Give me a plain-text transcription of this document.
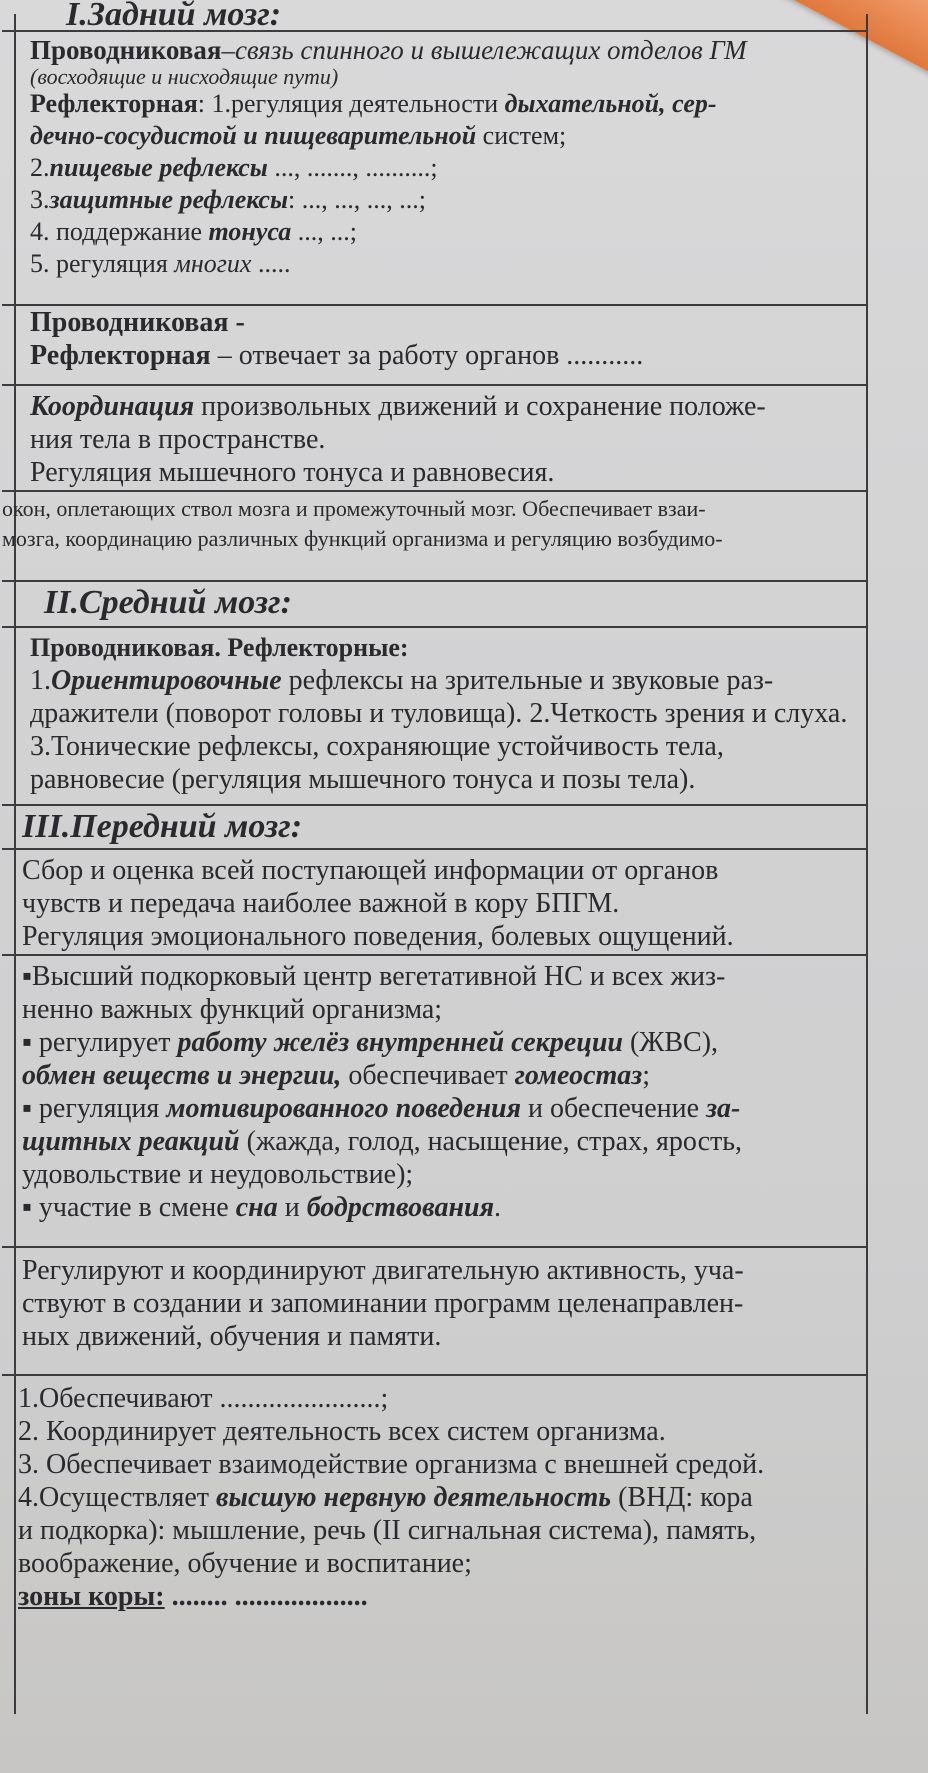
I.Задний мозг:
Проводниковая–связь спинного и вышележащих отделов ГМ
(восходящие и нисходящие пути)
Рефлекторная: 1.регуляция деятельности дыхательной, сер-
дечно-сосудистой и пищеварительной систем;
2.пищевые рефлексы ..., ......., ..........;
3.защитные рефлексы: ..., ..., ..., ...;
4. поддержание тонуса ..., ...;
5. регуляция многих .....
Проводниковая -
Рефлекторная – отвечает за работу органов ...........
Координация произвольных движений и сохранение положе-
ния тела в пространстве.
Регуляция мышечного тонуса и равновесия.
окон, оплетающих ствол мозга и промежуточный мозг. Обеспечивает взаи-
мозга, координацию различных функций организма и регуляцию возбудимо-
II.Средний мозг:
Проводниковая. Рефлекторные:
1.Ориентировочные рефлексы на зрительные и звуковые раз-
дражители (поворот головы и туловища). 2.Четкость зрения и слуха.
3.Тонические рефлексы, сохраняющие устойчивость тела,
равновесие (регуляция мышечного тонуса и позы тела).
III.Передний мозг:
Сбор и оценка всей поступающей информации от органов
чувств и передача наиболее важной в кору БПГМ.
Регуляция эмоционального поведения, болевых ощущений.
▪Высший подкорковый центр вегетативной НС и всех жиз-
ненно важных функций организма;
▪ регулирует работу желёз внутренней секреции (ЖВС),
обмен веществ и энергии, обеспечивает гомеостаз;
▪ регуляция мотивированного поведения и обеспечение за-
щитных реакций (жажда, голод, насыщение, страх, ярость,
удовольствие и неудовольствие);
▪ участие в смене сна и бодрствования.
Регулируют и координируют двигательную активность, уча-
ствуют в создании и запоминании программ целенаправлен-
ных движений, обучения и памяти.
1.Обеспечивают .......................;
2. Координирует деятельность всех систем организма.
3. Обеспечивает взаимодействие организма с внешней средой.
4.Осуществляет высшую нервную деятельность (ВНД: кора
и подкорка): мышление, речь (II сигнальная система), память,
воображение, обучение и воспитание;
зоны коры: ........ ...................
